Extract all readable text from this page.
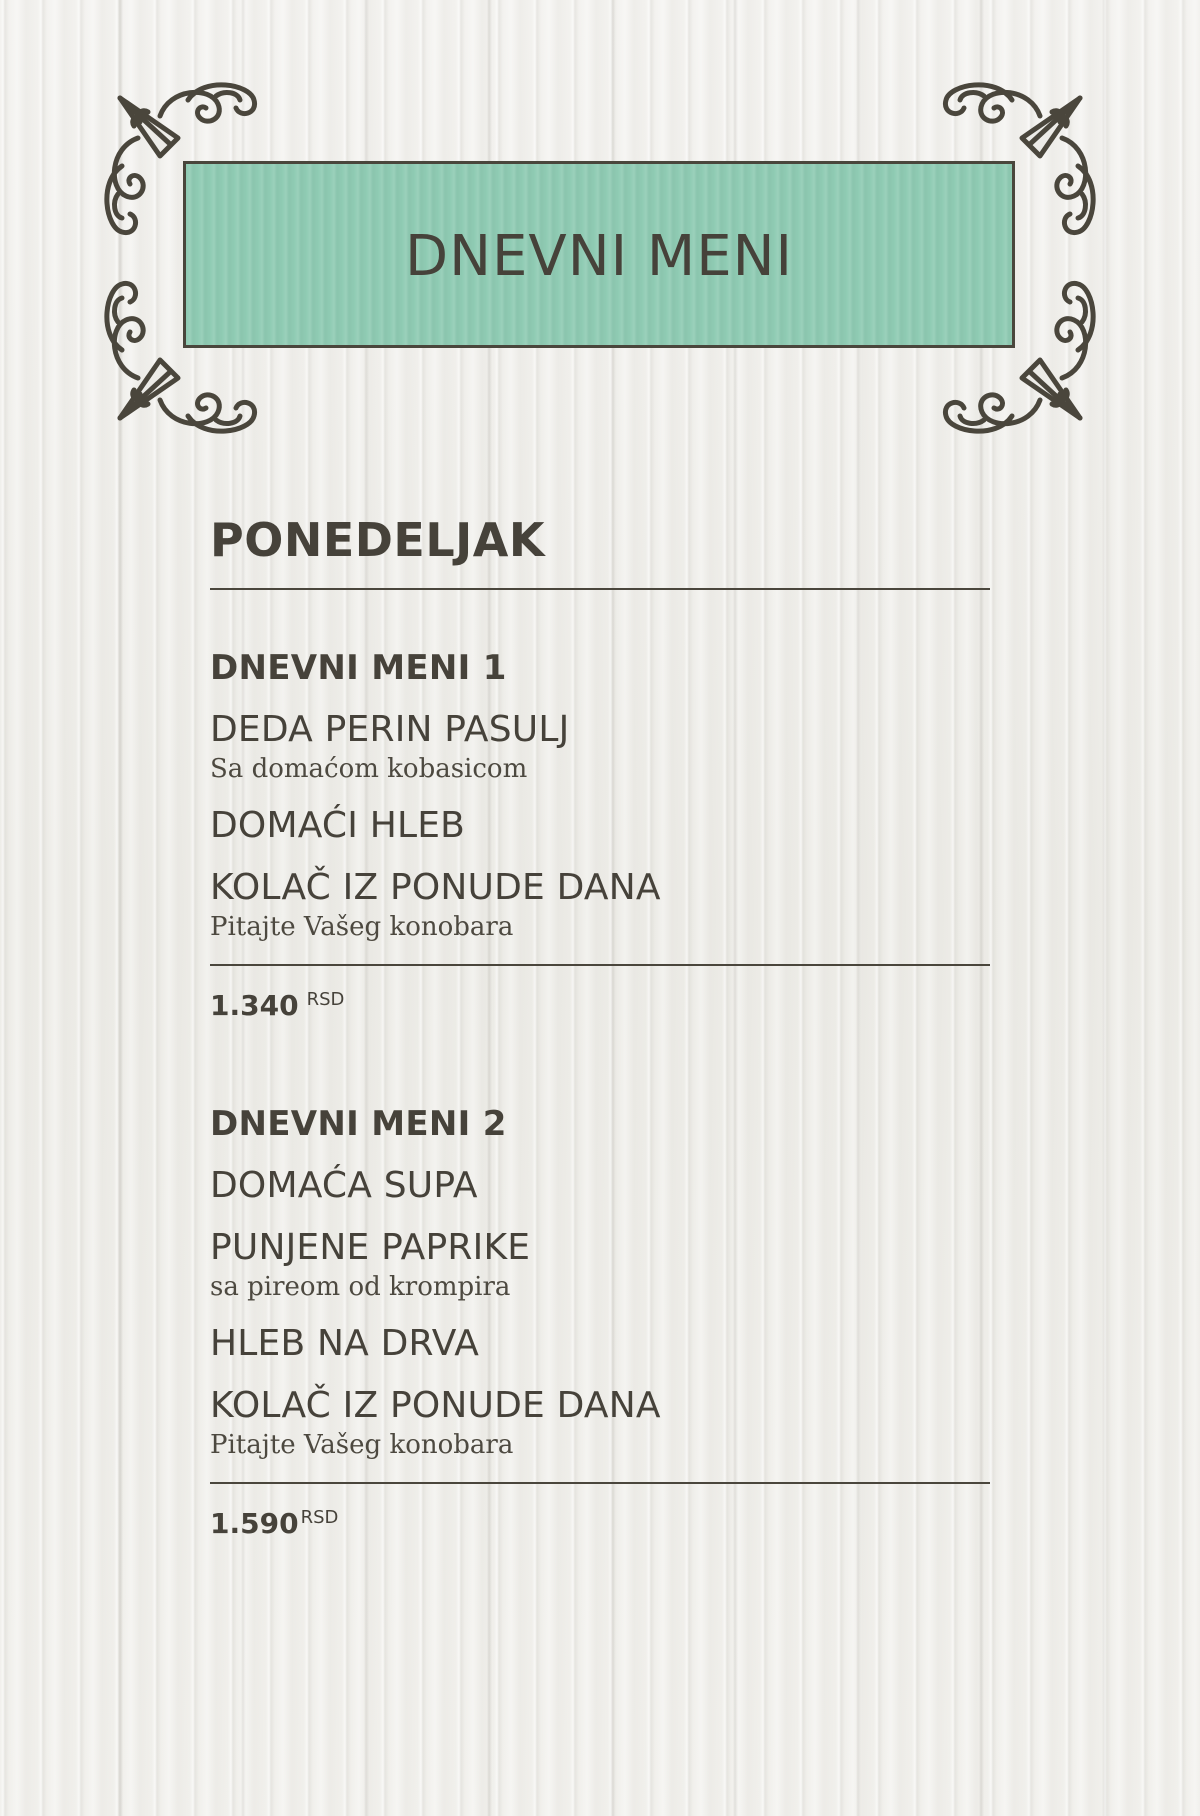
DNEVNI MENI
PONEDELJAK
DNEVNI MENI 1
DEDA PERIN PASULJ
Sa domaćom kobasicom
DOMAĆI HLEB
KOLAČ IZ PONUDE DANA
Pitajte Vašeg konobara
1.340 $^{RSD}$
DNEVNI MENI 2
DOMAĆA SUPA
PUNJENE PAPRIKE
sa pireom od krompira
HLEB NA DRVA
KOLAČ IZ PONUDE DANA
Pitajte Vašeg konobara
1.590 $^{RSD}$
